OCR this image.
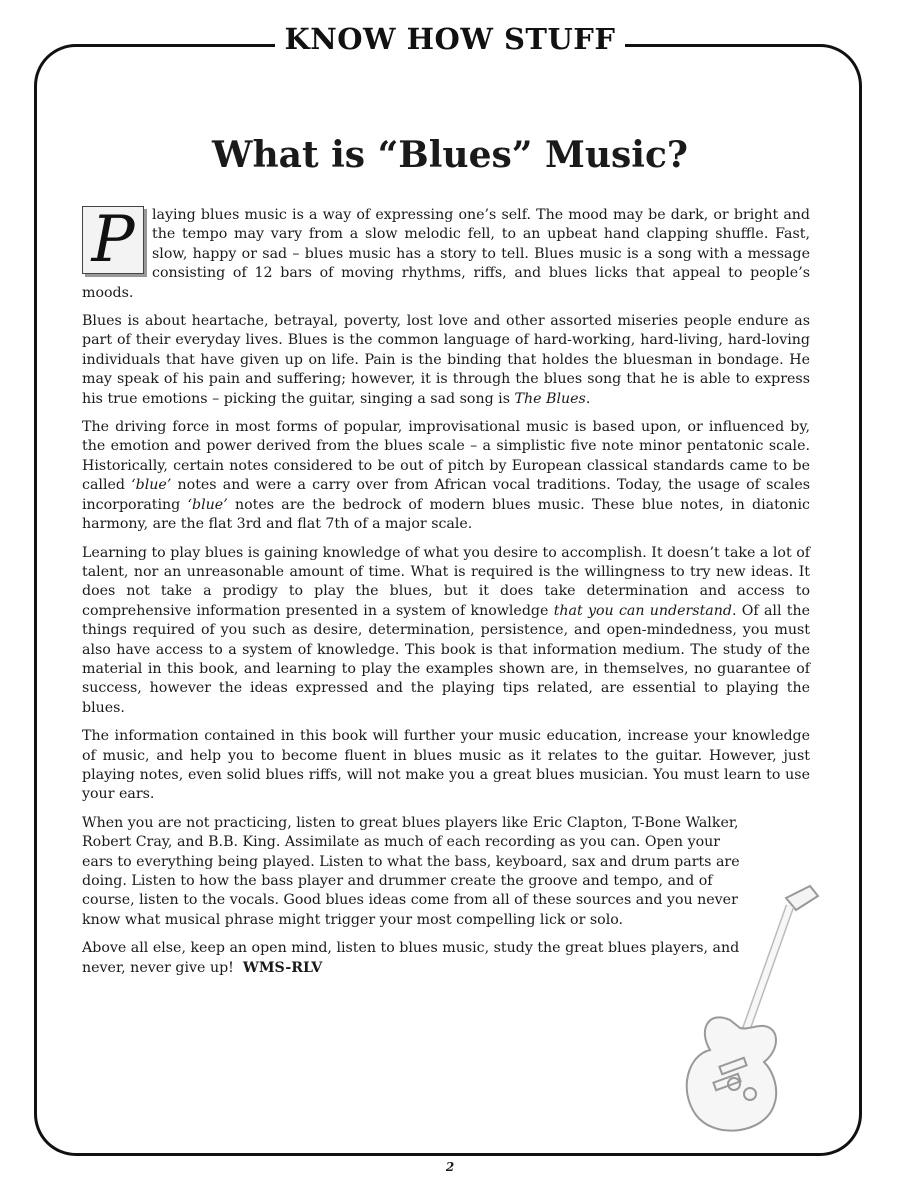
KNOW HOW STUFF
What is “Blues” Music?

P	laying blues music is a way of expressing one’s self. The mood may be dark, or bright and the tempo may vary from a slow melodic fell, to an upbeat hand clapping shuffle. Fast, slow, happy or sad – blues music has a story to tell. Blues music is a song with a message consisting of 12 bars of moving rhythms, riffs, and blues licks that appeal to people’s moods.

Blues is about heartache, betrayal, poverty, lost love and other assorted miseries people endure as part of their everyday lives. Blues is the common language of hard-working, hard-living, hard-loving individuals that have given up on life. Pain is the binding that holdes the bluesman in bondage. He may speak of his pain and suffering; however, it is through the blues song that he is able to express his true emotions – picking the guitar, singing a sad song is The Blues.

The driving force in most forms of popular, improvisational music is based upon, or influenced by, the emotion and power derived from the blues scale – a simplistic five note minor pentatonic scale. Historically, certain notes considered to be out of pitch by European classical standards came to be called ‘blue’ notes and were a carry over from African vocal traditions. Today, the usage of scales incorporating ‘blue’ notes are the bedrock of modern blues music. These blue notes, in diatonic harmony, are the flat 3rd and flat 7th of a major scale.

Learning to play blues is gaining knowledge of what you desire to accomplish. It doesn’t take a lot of talent, nor an unreasonable amount of time. What is required is the willingness to try new ideas. It does not take a prodigy to play the blues, but it does take determination and access to comprehensive information presented in a system of knowledge that you can understand. Of all the things required of you such as desire, determination, persistence, and open-mindedness, you must also have access to a system of knowledge. This book is that information medium. The study of the material in this book, and learning to play the examples shown are, in themselves, no guarantee of success, however the ideas expressed and the playing tips related, are essential to playing the blues.

The information contained in this book will further your music education, increase your knowledge of music, and help you to become fluent in blues music as it relates to the guitar. However, just playing notes, even solid blues riffs, will not make you a great blues musician. You must learn to use your ears.

When you are not practicing, listen to great blues players like Eric Clapton, T-Bone Walker, Robert Cray, and B.B. King. Assimilate as much of each recording as you can. Open your ears to everything being played. Listen to what the bass, keyboard, sax and drum parts are doing. Listen to how the bass player and drummer create the groove and tempo, and of course, listen to the vocals. Good blues ideas come from all of these sources and you never know what musical phrase might trigger your most compelling lick or solo.

Above all else, keep an open mind, listen to blues music, study the great blues players, and never, never give up! WMS-RLV

2
